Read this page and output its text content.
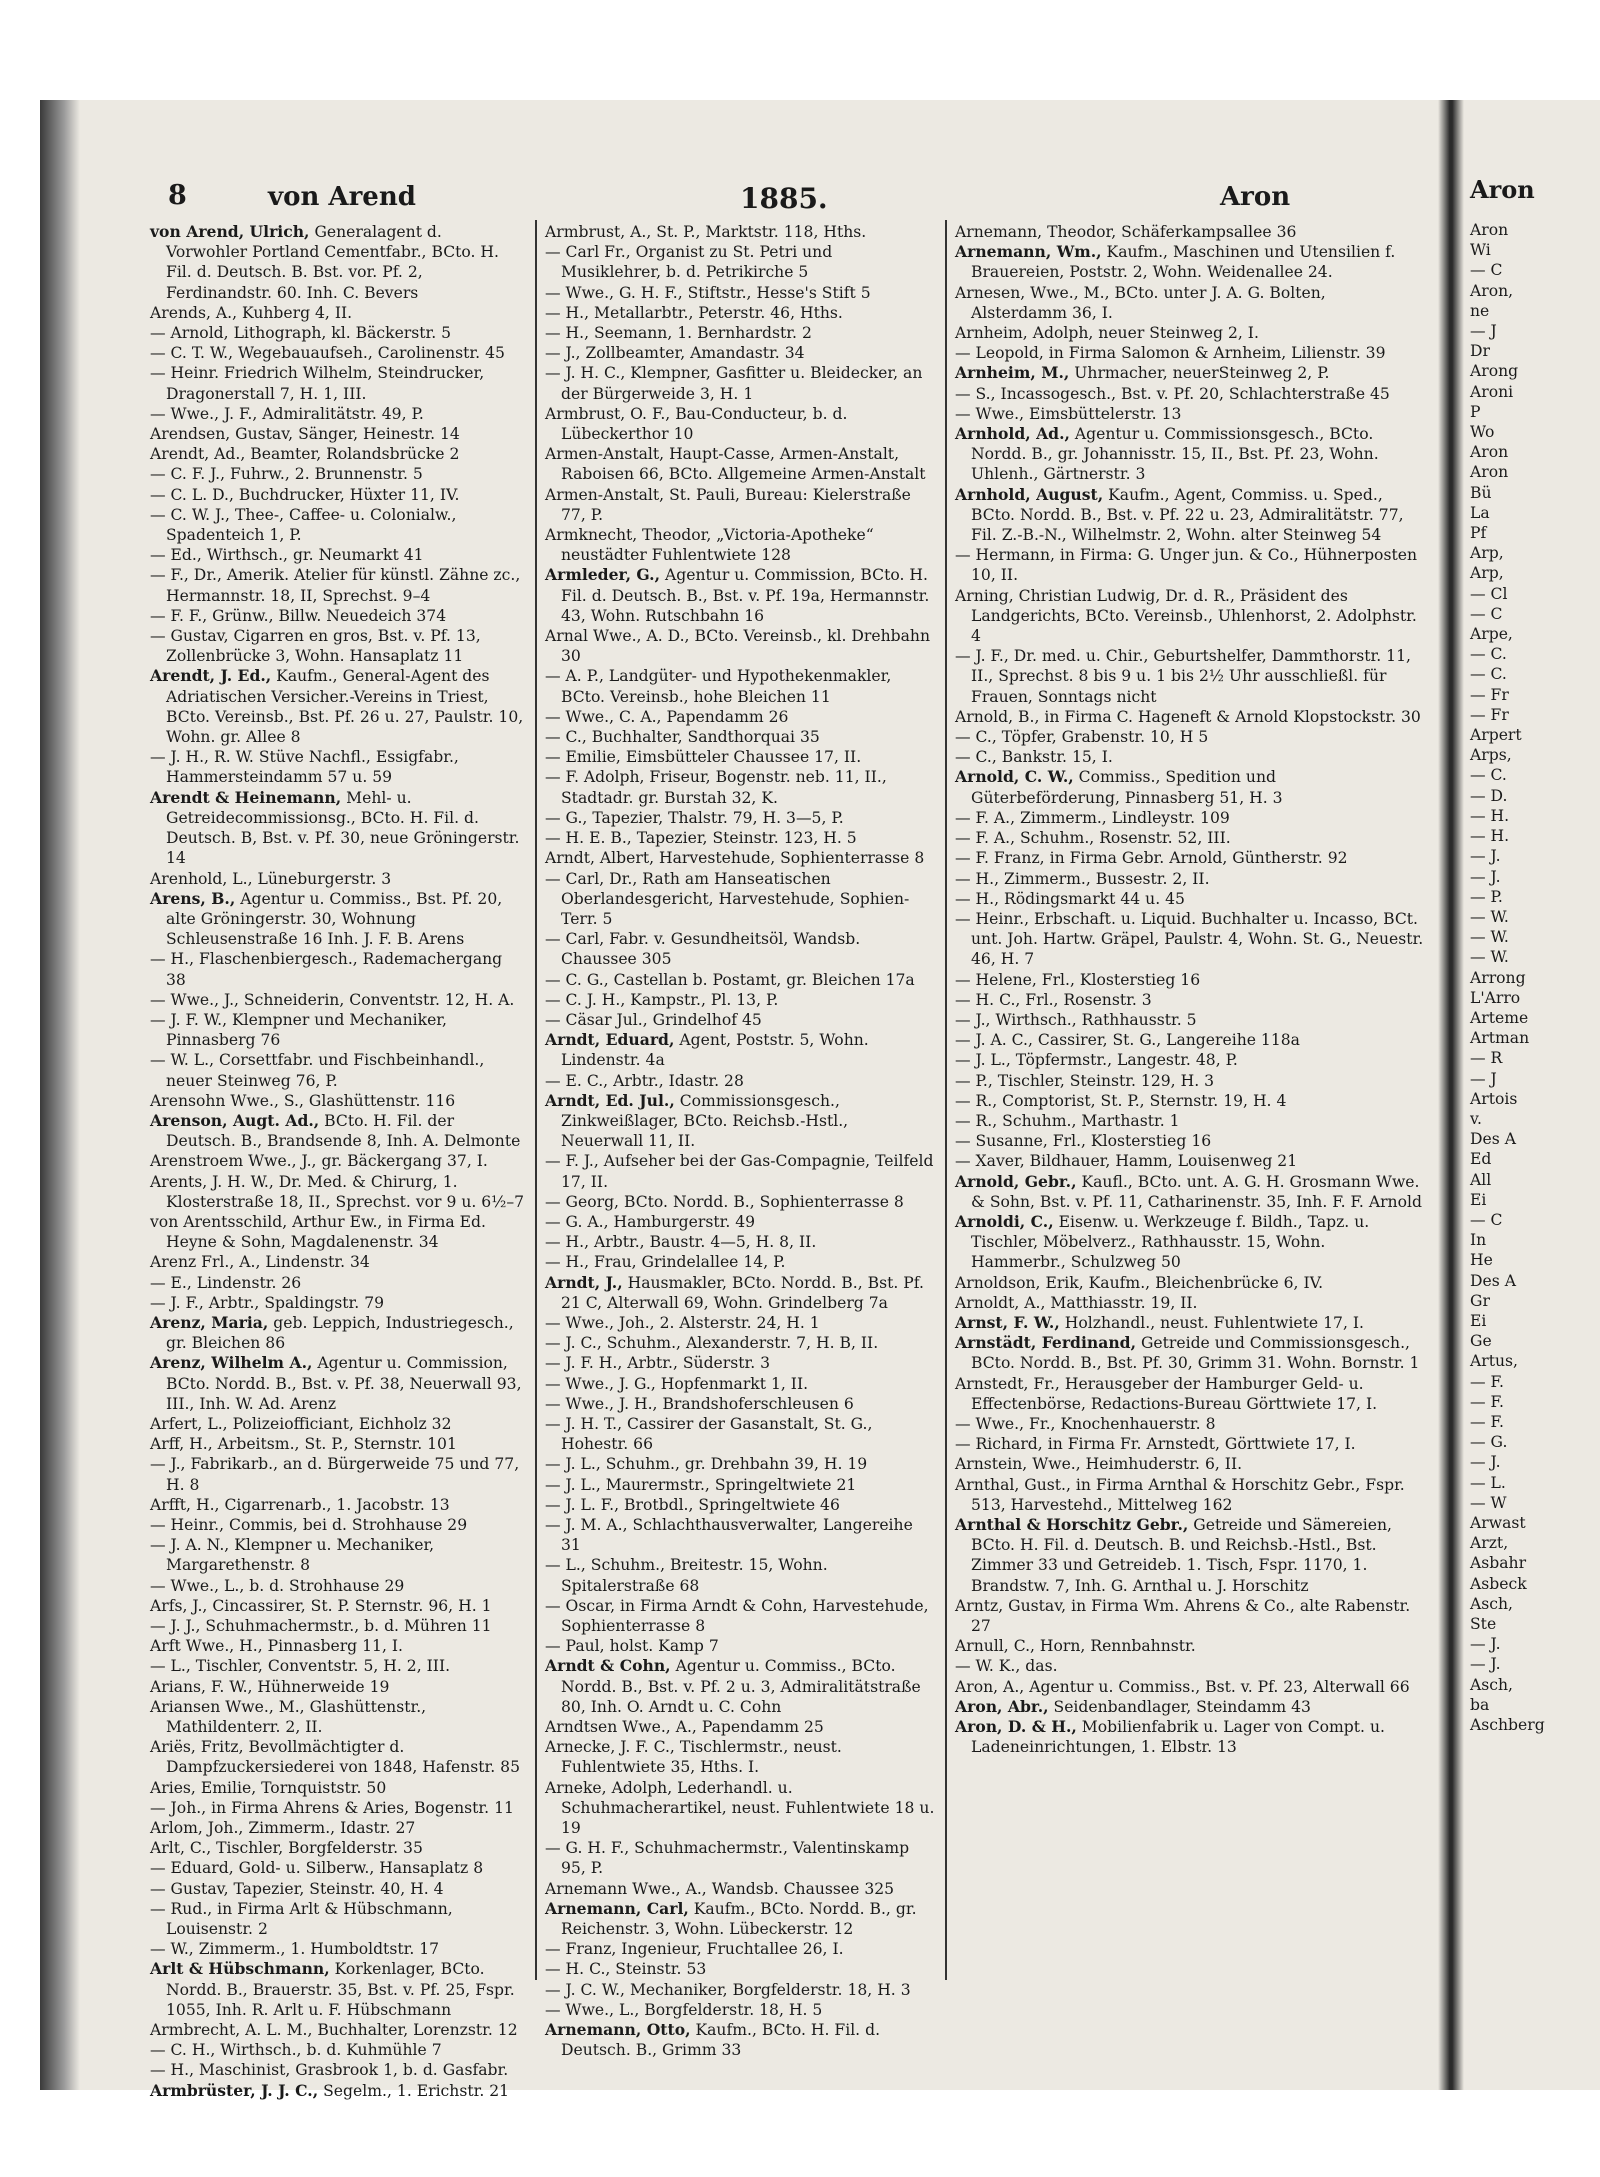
8	von Arend	1885.	Aron

von Arend, Ulrich, Generalagent d. Vorwohler Portland Cementfabr., BCto. H. Fil. d. Deutsch. B. Bst. vor. Pf. 2, Ferdinandstr. 60. Inh. C. Bevers

Arends, A., Kuhberg 4, II.

— Arnold, Lithograph, kl. Bäckerstr. 5

— C. T. W., Wegebauaufseh., Carolinenstr. 45

— Heinr. Friedrich Wilhelm, Steindrucker, Dragonerstall 7, H. 1, III.

— Wwe., J. F., Admiralitätstr. 49, P.

Arendsen, Gustav, Sänger, Heinestr. 14

Arendt, Ad., Beamter, Rolandsbrücke 2

— C. F. J., Fuhrw., 2. Brunnenstr. 5

— C. L. D., Buchdrucker, Hüxter 11, IV.

— C. W. J., Thee-, Caffee- u. Colonialw., Spadenteich 1, P.

— Ed., Wirthsch., gr. Neumarkt 41

— F., Dr., Amerik. Atelier für künstl. Zähne zc., Hermannstr. 18, II, Sprechst. 9–4

— F. F., Grünw., Billw. Neuedeich 374

— Gustav, Cigarren en gros, Bst. v. Pf. 13, Zollenbrücke 3, Wohn. Hansaplatz 11

Arendt, J. Ed., Kaufm., General-Agent des Adriatischen Versicher.-Vereins in Triest, BCto. Vereinsb., Bst. Pf. 26 u. 27, Paulstr. 10, Wohn. gr. Allee 8

— J. H., R. W. Stüve Nachfl., Essigfabr., Hammersteindamm 57 u. 59

Arendt & Heinemann, Mehl- u. Getreidecommissionsg., BCto. H. Fil. d. Deutsch. B, Bst. v. Pf. 30, neue Gröningerstr. 14

Arenhold, L., Lüneburgerstr. 3

Arens, B., Agentur u. Commiss., Bst. Pf. 20, alte Gröningerstr. 30, Wohnung Schleusenstraße 16 Inh. J. F. B. Arens

— H., Flaschenbiergesch., Rademachergang 38

— Wwe., J., Schneiderin, Conventstr. 12, H. A.

— J. F. W., Klempner und Mechaniker, Pinnasberg 76

— W. L., Corsettfabr. und Fischbeinhandl., neuer Steinweg 76, P.

Arensohn Wwe., S., Glashüttenstr. 116

Arenson, Augt. Ad., BCto. H. Fil. der Deutsch. B., Brandsende 8, Inh. A. Delmonte

Arenstroem Wwe., J., gr. Bäckergang 37, I.

Arents, J. H. W., Dr. Med. & Chirurg, 1. Klosterstraße 18, II., Sprechst. vor 9 u. 6½–7

von Arentsschild, Arthur Ew., in Firma Ed. Heyne & Sohn, Magdalenenstr. 34

Arenz Frl., A., Lindenstr. 34

— E., Lindenstr. 26

— J. F., Arbtr., Spaldingstr. 79

Arenz, Maria, geb. Leppich, Industriegesch., gr. Bleichen 86

Arenz, Wilhelm A., Agentur u. Commission, BCto. Nordd. B., Bst. v. Pf. 38, Neuerwall 93, III., Inh. W. Ad. Arenz

Arfert, L., Polizeiofficiant, Eichholz 32

Arff, H., Arbeitsm., St. P., Sternstr. 101

— J., Fabrikarb., an d. Bürgerweide 75 und 77, H. 8

Arfft, H., Cigarrenarb., 1. Jacobstr. 13

— Heinr., Commis, bei d. Strohhause 29

— J. A. N., Klempner u. Mechaniker, Margarethenstr. 8

— Wwe., L., b. d. Strohhause 29

Arfs, J., Cincassirer, St. P. Sternstr. 96, H. 1

— J. J., Schuhmachermstr., b. d. Mühren 11

Arft Wwe., H., Pinnasberg 11, I.

— L., Tischler, Conventstr. 5, H. 2, III.

Arians, F. W., Hühnerweide 19

Ariansen Wwe., M., Glashüttenstr., Mathildenterr. 2, II.

Ariës, Fritz, Bevollmächtigter d. Dampfzuckersiederei von 1848, Hafenstr. 85

Aries, Emilie, Tornquiststr. 50

— Joh., in Firma Ahrens & Aries, Bogenstr. 11

Arlom, Joh., Zimmerm., Idastr. 27

Arlt, C., Tischler, Borgfelderstr. 35

— Eduard, Gold- u. Silberw., Hansaplatz 8

— Gustav, Tapezier, Steinstr. 40, H. 4

— Rud., in Firma Arlt & Hübschmann, Louisenstr. 2

— W., Zimmerm., 1. Humboldtstr. 17

Arlt & Hübschmann, Korkenlager, BCto. Nordd. B., Brauerstr. 35, Bst. v. Pf. 25, Fspr. 1055, Inh. R. Arlt u. F. Hübschmann

Armbrecht, A. L. M., Buchhalter, Lorenzstr. 12

— C. H., Wirthsch., b. d. Kuhmühle 7

— H., Maschinist, Grasbrook 1, b. d. Gasfabr.

Armbrüster, J. J. C., Segelm., 1. Erichstr. 21

Armbrust, A., St. P., Marktstr. 118, Hths.

— Carl Fr., Organist zu St. Petri und Musiklehrer, b. d. Petrikirche 5

— Wwe., G. H. F., Stiftstr., Hesse's Stift 5

— H., Metallarbtr., Peterstr. 46, Hths.

— H., Seemann, 1. Bernhardstr. 2

— J., Zollbeamter, Amandastr. 34

— J. H. C., Klempner, Gasfitter u. Bleidecker, an der Bürgerweide 3, H. 1

Armbrust, O. F., Bau-Conducteur, b. d. Lübeckerthor 10

Armen-Anstalt, Haupt-Casse, Armen-Anstalt, Raboisen 66, BCto. Allgemeine Armen-Anstalt

Armen-Anstalt, St. Pauli, Bureau: Kielerstraße 77, P.

Armknecht, Theodor, „Victoria-Apotheke“ neustädter Fuhlentwiete 128

Armleder, G., Agentur u. Commission, BCto. H. Fil. d. Deutsch. B., Bst. v. Pf. 19a, Hermannstr. 43, Wohn. Rutschbahn 16

Arnal Wwe., A. D., BCto. Vereinsb., kl. Drehbahn 30

— A. P., Landgüter- und Hypothekenmakler, BCto. Vereinsb., hohe Bleichen 11

— Wwe., C. A., Papendamm 26

— C., Buchhalter, Sandthorquai 35

— Emilie, Eimsbütteler Chaussee 17, II.

— F. Adolph, Friseur, Bogenstr. neb. 11, II., Stadtadr. gr. Burstah 32, K.

— G., Tapezier, Thalstr. 79, H. 3—5, P.

— H. E. B., Tapezier, Steinstr. 123, H. 5

Arndt, Albert, Harvestehude, Sophienterrasse 8

— Carl, Dr., Rath am Hanseatischen Oberlandesgericht, Harvestehude, Sophien-Terr. 5

— Carl, Fabr. v. Gesundheitsöl, Wandsb. Chaussee 305

— C. G., Castellan b. Postamt, gr. Bleichen 17a

— C. J. H., Kampstr., Pl. 13, P.

— Cäsar Jul., Grindelhof 45

Arndt, Eduard, Agent, Poststr. 5, Wohn. Lindenstr. 4a

— E. C., Arbtr., Idastr. 28

Arndt, Ed. Jul., Commissionsgesch., Zinkweißlager, BCto. Reichsb.-Hstl., Neuerwall 11, II.

— F. J., Aufseher bei der Gas-Compagnie, Teilfeld 17, II.

— Georg, BCto. Nordd. B., Sophienterrasse 8

— G. A., Hamburgerstr. 49

— H., Arbtr., Baustr. 4—5, H. 8, II.

— H., Frau, Grindelallee 14, P.

Arndt, J., Hausmakler, BCto. Nordd. B., Bst. Pf. 21 C, Alterwall 69, Wohn. Grindelberg 7a

— Wwe., Joh., 2. Alsterstr. 24, H. 1

— J. C., Schuhm., Alexanderstr. 7, H. B, II.

— J. F. H., Arbtr., Süderstr. 3

— Wwe., J. G., Hopfenmarkt 1, II.

— Wwe., J. H., Brandshoferschleusen 6

— J. H. T., Cassirer der Gasanstalt, St. G., Hohestr. 66

— J. L., Schuhm., gr. Drehbahn 39, H. 19

— J. L., Maurermstr., Springeltwiete 21

— J. L. F., Brotbdl., Springeltwiete 46

— J. M. A., Schlachthausverwalter, Langereihe 31

— L., Schuhm., Breitestr. 15, Wohn. Spitalerstraße 68

— Oscar, in Firma Arndt & Cohn, Harvestehude, Sophienterrasse 8

— Paul, holst. Kamp 7

Arndt & Cohn, Agentur u. Commiss., BCto. Nordd. B., Bst. v. Pf. 2 u. 3, Admiralitätstraße 80, Inh. O. Arndt u. C. Cohn

Arndtsen Wwe., A., Papendamm 25

Arnecke, J. F. C., Tischlermstr., neust. Fuhlentwiete 35, Hths. I.

Arneke, Adolph, Lederhandl. u. Schuhmacherartikel, neust. Fuhlentwiete 18 u. 19

— G. H. F., Schuhmachermstr., Valentinskamp 95, P.

Arnemann Wwe., A., Wandsb. Chaussee 325

Arnemann, Carl, Kaufm., BCto. Nordd. B., gr. Reichenstr. 3, Wohn. Lübeckerstr. 12

— Franz, Ingenieur, Fruchtallee 26, I.

— H. C., Steinstr. 53

— J. C. W., Mechaniker, Borgfelderstr. 18, H. 3

— Wwe., L., Borgfelderstr. 18, H. 5

Arnemann, Otto, Kaufm., BCto. H. Fil. d. Deutsch. B., Grimm 33

Arnemann, Theodor, Schäferkampsallee 36

Arnemann, Wm., Kaufm., Maschinen und Utensilien f. Brauereien, Poststr. 2, Wohn. Weidenallee 24.

Arnesen, Wwe., M., BCto. unter J. A. G. Bolten, Alsterdamm 36, I.

Arnheim, Adolph, neuer Steinweg 2, I.

— Leopold, in Firma Salomon & Arnheim, Lilienstr. 39

Arnheim, M., Uhrmacher, neuerSteinweg 2, P.

— S., Incassogesch., Bst. v. Pf. 20, Schlachterstraße 45

— Wwe., Eimsbüttelerstr. 13

Arnhold, Ad., Agentur u. Commissionsgesch., BCto. Nordd. B., gr. Johannisstr. 15, II., Bst. Pf. 23, Wohn. Uhlenh., Gärtnerstr. 3

Arnhold, August, Kaufm., Agent, Commiss. u. Sped., BCto. Nordd. B., Bst. v. Pf. 22 u. 23, Admiralitätstr. 77, Fil. Z.-B.-N., Wilhelmstr. 2, Wohn. alter Steinweg 54

— Hermann, in Firma: G. Unger jun. & Co., Hühnerposten 10, II.

Arning, Christian Ludwig, Dr. d. R., Präsident des Landgerichts, BCto. Vereinsb., Uhlenhorst, 2. Adolphstr. 4

— J. F., Dr. med. u. Chir., Geburtshelfer, Dammthorstr. 11, II., Sprechst. 8 bis 9 u. 1 bis 2½ Uhr ausschließl. für Frauen, Sonntags nicht

Arnold, B., in Firma C. Hageneft & Arnold Klopstockstr. 30

— C., Töpfer, Grabenstr. 10, H 5

— C., Bankstr. 15, I.

Arnold, C. W., Commiss., Spedition und Güterbeförderung, Pinnasberg 51, H. 3

— F. A., Zimmerm., Lindleystr. 109

— F. A., Schuhm., Rosenstr. 52, III.

— F. Franz, in Firma Gebr. Arnold, Güntherstr. 92

— H., Zimmerm., Bussestr. 2, II.

— H., Rödingsmarkt 44 u. 45

— Heinr., Erbschaft. u. Liquid. Buchhalter u. Incasso, BCt. unt. Joh. Hartw. Gräpel, Paulstr. 4, Wohn. St. G., Neuestr. 46, H. 7

— Helene, Frl., Klosterstieg 16

— H. C., Frl., Rosenstr. 3

— J., Wirthsch., Rathhausstr. 5

— J. A. C., Cassirer, St. G., Langereihe 118a

— J. L., Töpfermstr., Langestr. 48, P.

— P., Tischler, Steinstr. 129, H. 3

— R., Comptorist, St. P., Sternstr. 19, H. 4

— R., Schuhm., Marthastr. 1

— Susanne, Frl., Klosterstieg 16

— Xaver, Bildhauer, Hamm, Louisenweg 21

Arnold, Gebr., Kaufl., BCto. unt. A. G. H. Grosmann Wwe. & Sohn, Bst. v. Pf. 11, Catharinenstr. 35, Inh. F. F. Arnold

Arnoldi, C., Eisenw. u. Werkzeuge f. Bildh., Tapz. u. Tischler, Möbelverz., Rathhausstr. 15, Wohn. Hammerbr., Schulzweg 50

Arnoldson, Erik, Kaufm., Bleichenbrücke 6, IV.

Arnoldt, A., Matthiasstr. 19, II.

Arnst, F. W., Holzhandl., neust. Fuhlentwiete 17, I.

Arnstädt, Ferdinand, Getreide und Commissionsgesch., BCto. Nordd. B., Bst. Pf. 30, Grimm 31. Wohn. Bornstr. 1

Arnstedt, Fr., Herausgeber der Hamburger Geld- u. Effectenbörse, Redactions-Bureau Görttwiete 17, I.

— Wwe., Fr., Knochenhauerstr. 8

— Richard, in Firma Fr. Arnstedt, Görttwiete 17, I.

Arnstein, Wwe., Heimhuderstr. 6, II.

Arnthal, Gust., in Firma Arnthal & Horschitz Gebr., Fspr. 513, Harvestehd., Mittelweg 162

Arnthal & Horschitz Gebr., Getreide und Sämereien, BCto. H. Fil. d. Deutsch. B. und Reichsb.-Hstl., Bst. Zimmer 33 und Getreideb. 1. Tisch, Fspr. 1170, 1. Brandstw. 7, Inh. G. Arnthal u. J. Horschitz

Arntz, Gustav, in Firma Wm. Ahrens & Co., alte Rabenstr. 27

Arnull, C., Horn, Rennbahnstr.

— W. K., das.

Aron, A., Agentur u. Commiss., Bst. v. Pf. 23, Alterwall 66

Aron, Abr., Seidenbandlager, Steindamm 43

Aron, D. & H., Mobilienfabrik u. Lager von Compt. u. Ladeneinrichtungen, 1. Elbstr. 13

Aron
Aron
Wi
— C
Aron,
ne
— J
Dr
Arong
Aroni
P
Wo
Aron
Aron
Bü
La
Pf
Arp,
Arp,
— Cl
— C
Arpe,
— C.
— C.
— Fr
— Fr
Arpert
Arps,
— C.
— D.
— H.
— H.
— J.
— J.
— P.
— W.
— W.
— W.
Arrong
L'Arro
Arteme
Artman
— R
— J
Artois
v.
Des A
Ed
All
Ei
— C
In
He
Des A
Gr
Ei
Ge
Artus,
— F.
— F.
— F.
— G.
— J.
— L.
— W
Arwast
Arzt,
Asbahr
Asbeck
Asch,
Ste
— J.
— J.
Asch,
ba
Aschberg
